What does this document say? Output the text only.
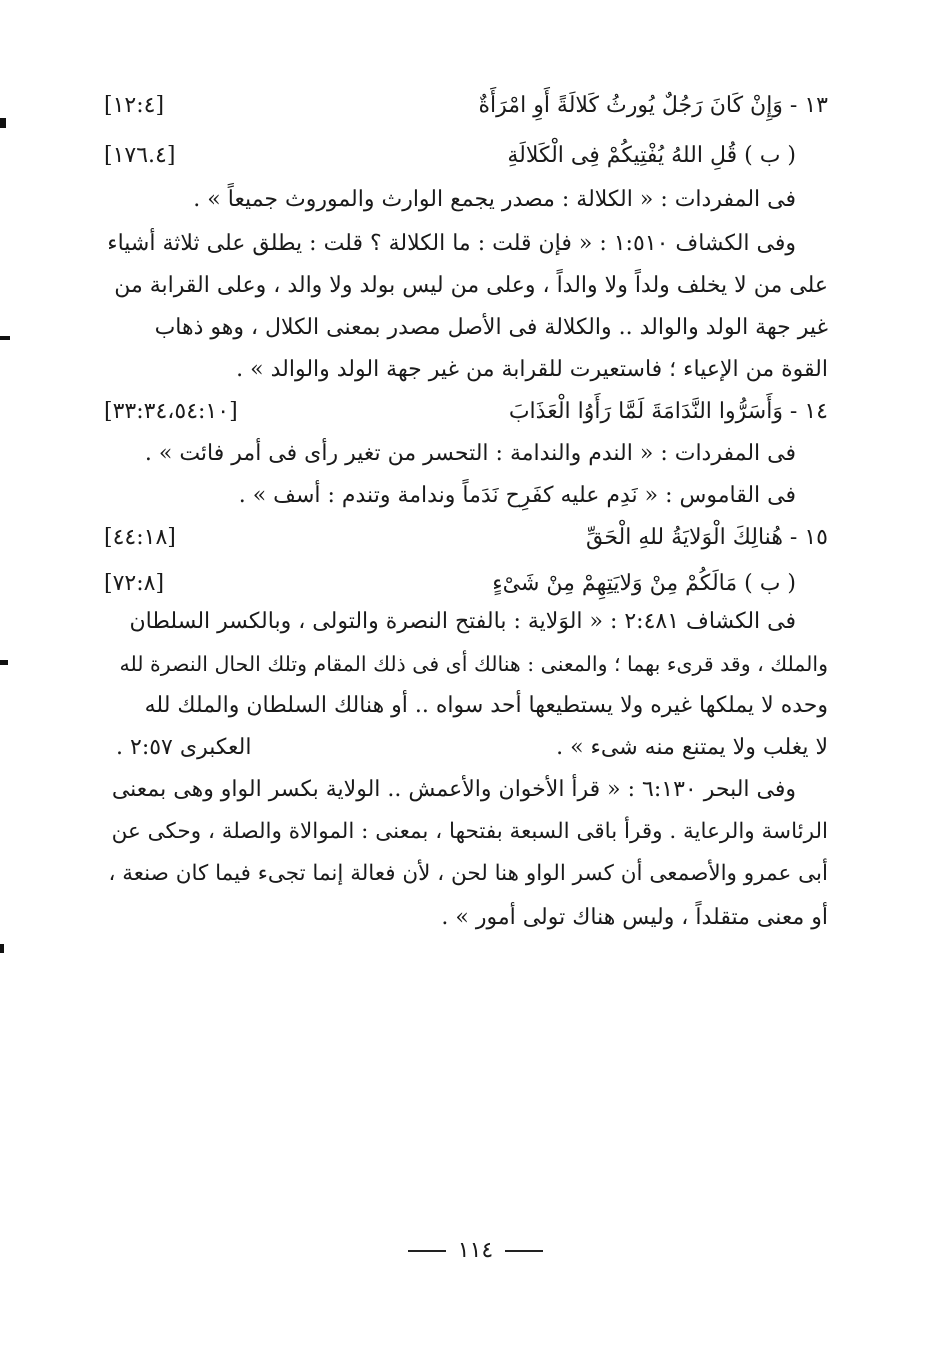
١٣ - وَإِنْ كَانَ رَجُلٌ يُورثُ كَلالَةً أَوِ امْرَأَةٌ
[١٢:٤]
( ب ) قُلِ اللهُ يُفْتِيكُمْ فِى الْكَلالَةِ
[١٧٦.٤]
فى المفردات : « الكلالة : مصدر يجمع الوارث والموروث جميعاً » .
وفى الكشاف ١:٥١٠ : « فإن قلت : ما الكلالة ؟ قلت : يطلق على ثلاثة أشياء
على من لا يخلف ولداً ولا والداً ، وعلى من ليس بولد ولا والد ، وعلى القرابة من
غير جهة الولد والوالد .. والكلالة فى الأصل مصدر بمعنى الكلال ، وهو ذهاب
القوة من الإعياء ؛ فاستعيرت للقرابة من غير جهة الولد والوالد » .
١٤ - وَأَسَرُّوا النَّدَامَةَ لَمَّا رَأَوُا الْعَذَابَ
[٣٣:٣٤،٥٤:١٠]
فى المفردات : « الندم والندامة : التحسر من تغير رأى فى أمر فائت » .
فى القاموس : « نَدِم عليه كفَرِح نَدَماً وندامة وتندم : أسف » .
١٥ - هُنالِكَ الْوَلايَةُ للهِ الْحَقِّ
[٤٤:١٨]
( ب ) مَالَكُمْ مِنْ وَلايَتِهِمْ مِنْ شَىْءٍ
[٧٢:٨]
فى الكشاف ٢:٤٨١ : « الوَلاية : بالفتح النصرة والتولى ، وبالكسر السلطان
والملك ، وقد قرىء بهما ؛ والمعنى : هنالك أى فى ذلك المقام وتلك الحال النصرة لله
وحده لا يملكها غيره ولا يستطيعها أحد سواه .. أو هنالك السلطان والملك لله
لا يغلب ولا يمتنع منه شىء » .
العكبرى ٢:٥٧ .
وفى البحر ٦:١٣٠ : « قرأ الأخوان والأعمش .. الولاية بكسر الواو وهى بمعنى
الرئاسة والرعاية . وقرأ باقى السبعة بفتحها ، بمعنى : الموالاة والصلة ، وحكى عن
أبى عمرو والأصمعى أن كسر الواو هنا لحن ، لأن فعالة إنما تجىء فيما كان صنعة ،
أو معنى متقلداً ، وليس هناك تولى أمور » .
١١٤
